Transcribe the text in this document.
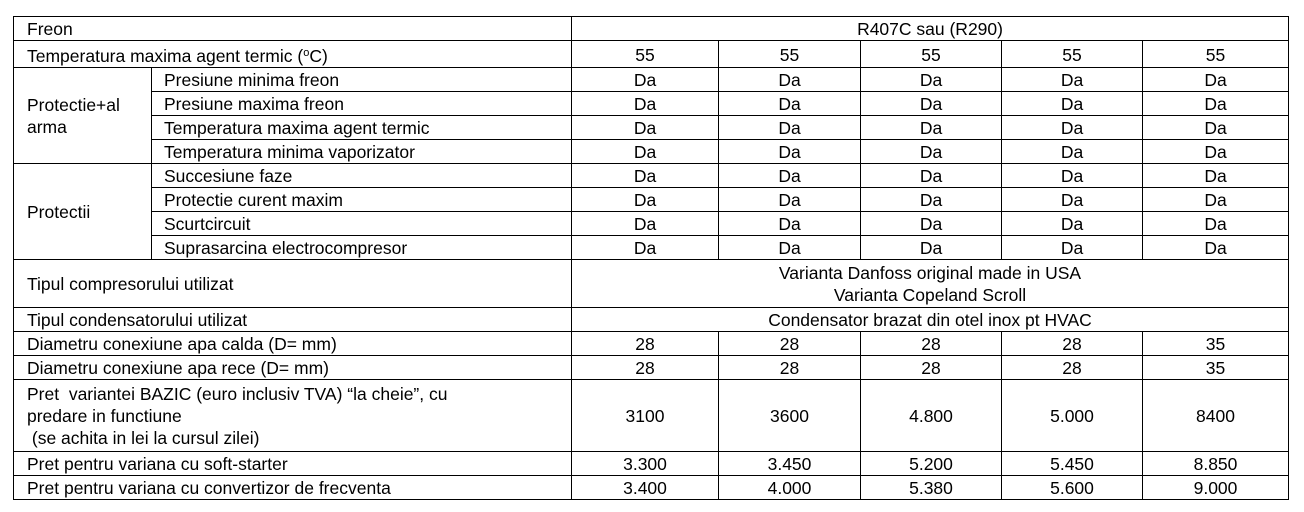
Freon		R407C sau (R290)				
Temperatura maxima agent termic ($^o$C)		55	55	55	55	55

Protectie+al
arma	Presiune minima freon	Da	Da	Da	Da	Da
	Presiune maxima freon	Da	Da	Da	Da	Da
	Temperatura maxima agent termic	Da	Da	Da	Da	Da
	Temperatura minima vaporizator	Da	Da	Da	Da	Da
Protectii	Succesiune faze	Da	Da	Da	Da	Da
	Protectie curent maxim	Da	Da	Da	Da	Da
	Scurtcircuit	Da	Da	Da	Da	Da
	Suprasarcina electrocompresor	Da	Da	Da	Da	Da
Tipul compresorului utilizat		Varianta Danfoss original made in USA
Varianta Copeland Scroll				

Tipul condensatorului utilizat		Condensator brazat din otel inox pt HVAC				
Diametru conexiune apa calda (D= mm)		28	28	28	28	35
Diametru conexiune apa rece (D= mm)		28	28	28	28	35

Pret  variantei BAZIC (euro inclusiv TVA) “la cheie”, cu
predare in functiune
(se achita in lei la cursul zilei)		3100	3600	4.800	5.000	8400
Pret pentru variana cu soft-starter		3.300	3.450	5.200	5.450	8.850
Pret pentru variana cu convertizor de frecventa		3.400	4.000	5.380	5.600	9.000
